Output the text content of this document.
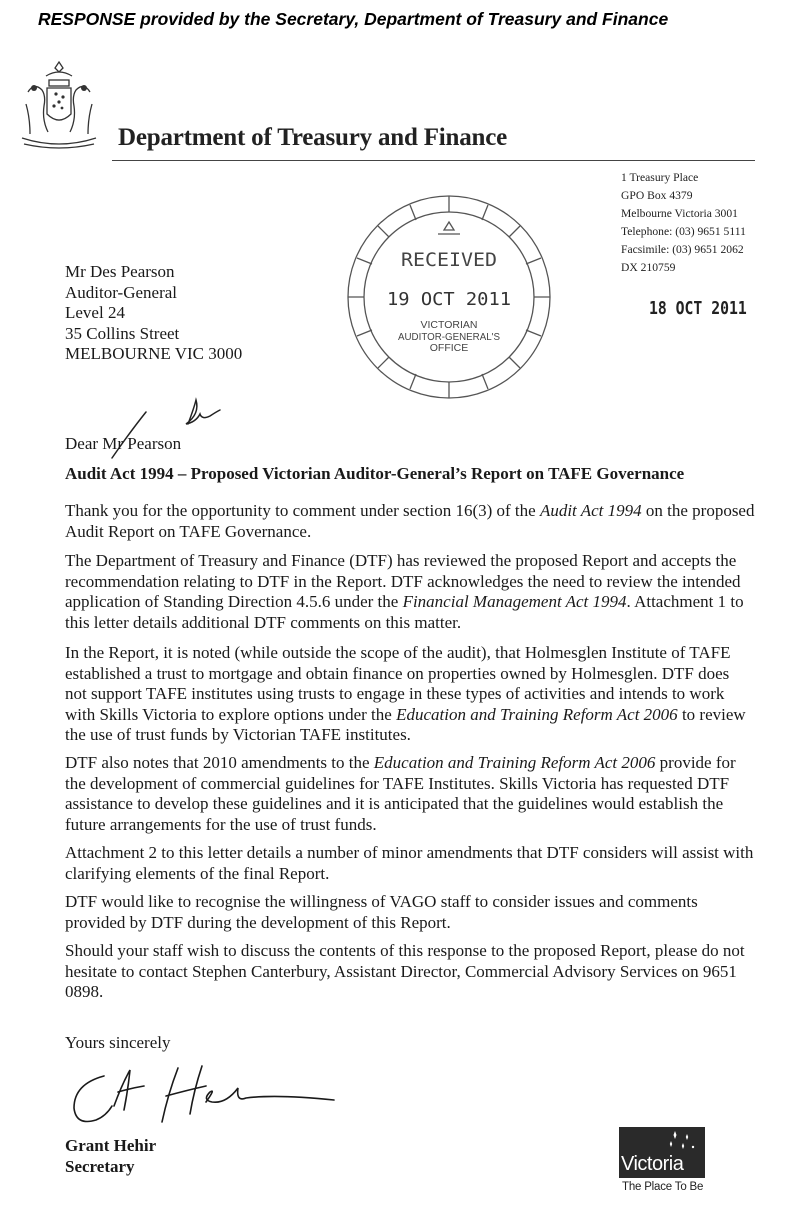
RESPONSE provided by the Secretary, Department of Treasury and Finance
Department of Treasury and Finance
1 Treasury Place
GPO Box 4379
Melbourne Victoria 3001
Telephone: (03) 9651 5111
Facsimile: (03) 9651 2062
DX 210759
18 OCT 2011
RECEIVED
19 OCT 2011
VICTORIAN
AUDITOR-GENERAL'S
OFFICE
Mr Des Pearson
Auditor-General
Level 24
35 Collins Street
MELBOURNE VIC 3000
Dear Mr Pearson
Audit Act 1994 – Proposed Victorian Auditor-General’s Report on TAFE Governance

Thank you for the opportunity to comment under section 16(3) of the Audit Act 1994 on the proposed Audit Report on TAFE Governance.

The Department of Treasury and Finance (DTF) has reviewed the proposed Report and accepts the recommendation relating to DTF in the Report. DTF acknowledges the need to review the intended application of Standing Direction 4.5.6 under the Financial Management Act 1994. Attachment 1 to this letter details additional DTF comments on this matter.

In the Report, it is noted (while outside the scope of the audit), that Holmesglen Institute of TAFE established a trust to mortgage and obtain finance on properties owned by Holmesglen. DTF does not support TAFE institutes using trusts to engage in these types of activities and intends to work with Skills Victoria to explore options under the Education and Training Reform Act 2006 to review the use of trust funds by Victorian TAFE institutes.

DTF also notes that 2010 amendments to the Education and Training Reform Act 2006 provide for the development of commercial guidelines for TAFE Institutes. Skills Victoria has requested DTF assistance to develop these guidelines and it is anticipated that the guidelines would establish the future arrangements for the use of trust funds.

Attachment 2 to this letter details a number of minor amendments that DTF considers will assist with clarifying elements of the final Report.

DTF would like to recognise the willingness of VAGO staff to consider issues and comments provided by DTF during the development of this Report.

Should your staff wish to discuss the contents of this response to the proposed Report, please do not hesitate to contact Stephen Canterbury, Assistant Director, Commercial Advisory Services on 9651 0898.

Yours sincerely
Grant Hehir
Secretary	Victoria
The Place To Be
